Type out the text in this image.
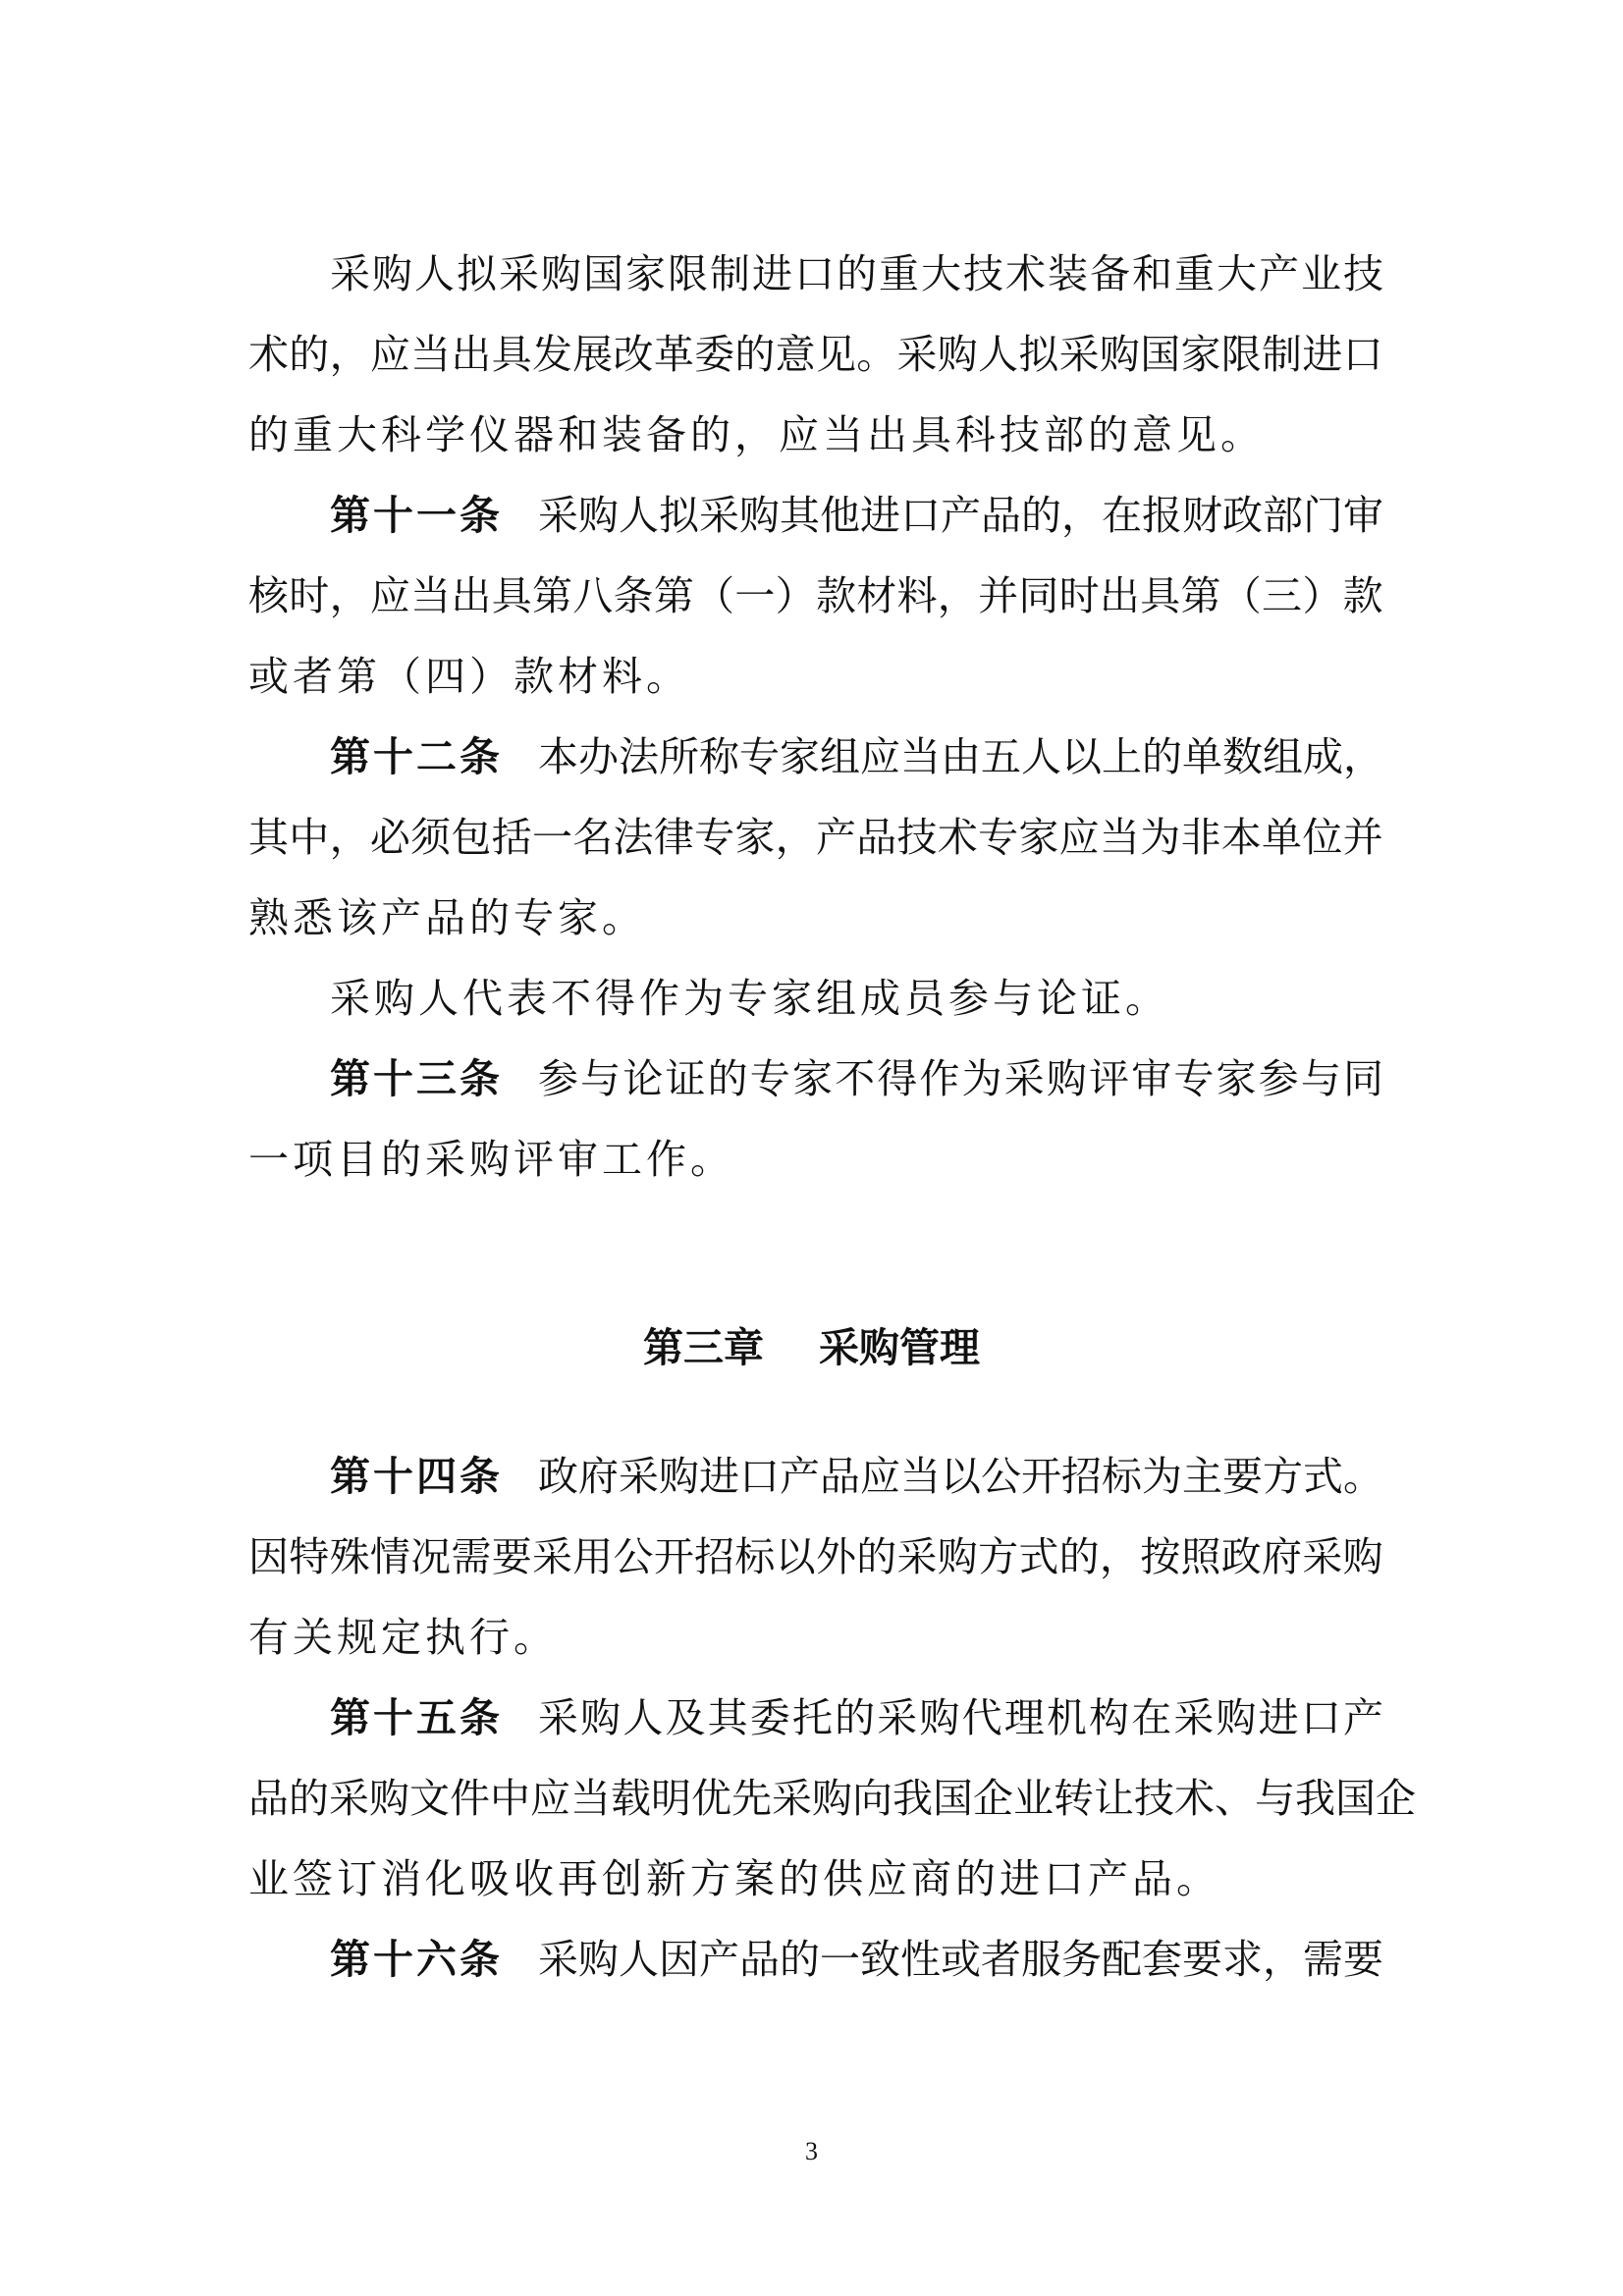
采 购 人 拟 采 购 国 家 限 制 进 口 的 重 大 技 术 装 备 和 重 大 产 业 技
术 的 ， 应 当 出 具 发 展 改 革 委 的 意 见 。 采 购 人 拟 采 购 国 家 限 制 进 口
的重大科学仪器和装备的，应当出具科技部的意见。
第十一条 采 购 人 拟 采 购 其 他 进 口 产 品 的 ， 在 报 财 政 部 门 审
核 时 ， 应 当 出 具 第 八 条 第 （ 一 ） 款 材 料 ， 并 同 时 出 具 第 （ 三 ） 款
或者第（四）款材料。
第十二条 本 办 法 所 称 专 家 组 应 当 由 五 人 以 上 的 单 数 组 成 ，
其 中 ， 必 须 包 括 一 名 法 律 专 家 ， 产 品 技 术 专 家 应 当 为 非 本 单 位 并
熟悉该产品的专家。
采购人代表不得作为专家组成员参与论证。
第十三条 参 与 论 证 的 专 家 不 得 作 为 采 购 评 审 专 家 参 与 同
一项目的采购评审工作。
第三章 采购管理
第十四条 政 府 采 购 进 口 产 品 应 当 以 公 开 招 标 为 主 要 方 式 。
因 特 殊 情 况 需 要 采 用 公 开 招 标 以 外 的 采 购 方 式 的 ， 按 照 政 府 采 购
有关规定执行。
第十五条 采 购 人 及 其 委 托 的 采 购 代 理 机 构 在 采 购 进 口 产
品 的 采 购 文 件 中 应 当 载 明 优 先 采 购 向 我 国 企 业 转 让 技 术 、 与 我 国 企
业签订消化吸收再创新方案的供应商的进口产品。
第十六条 采 购 人 因 产 品 的 一 致 性 或 者 服 务 配 套 要 求 ， 需 要
3
